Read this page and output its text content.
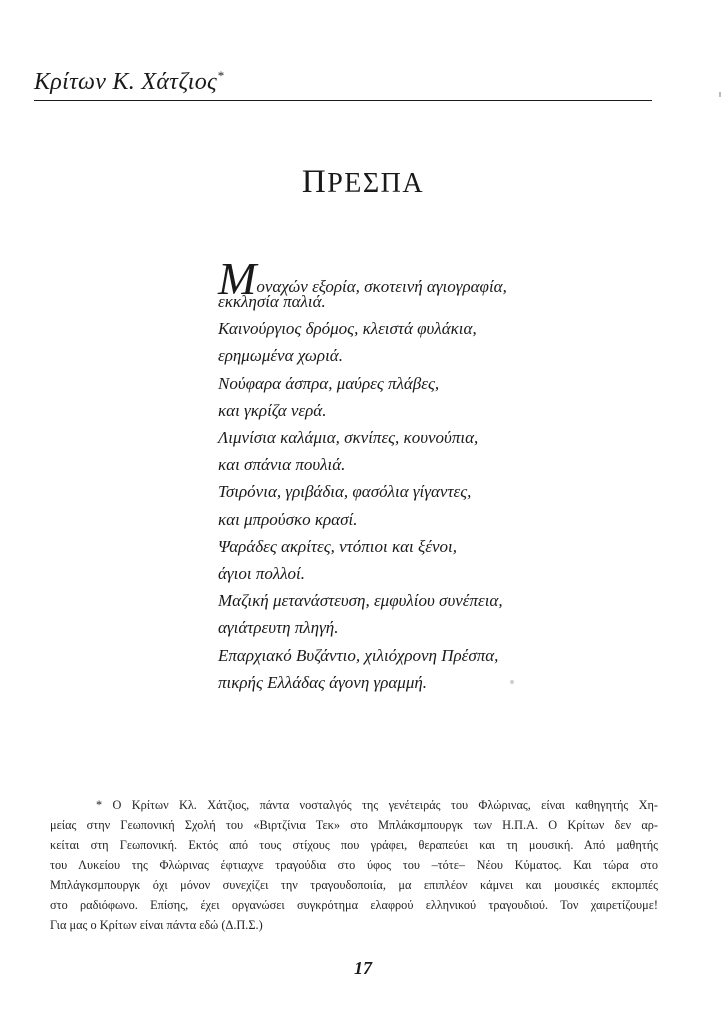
Κρίτων Κ. Χάτζιος*
ΠΡΕΣΠΑ
Μοναχών εξορία, σκοτεινή αγιογραφία,
εκκλησία παλιά.
Καινούργιος δρόμος, κλειστά φυλάκια,
ερημωμένα χωριά.
Νούφαρα άσπρα, μαύρες πλάβες,
και γκρίζα νερά.
Λιμνίσια καλάμια, σκνίπες, κουνούπια,
και σπάνια πουλιά.
Τσιρόνια, γριβάδια, φασόλια γίγαντες,
και μπρούσκο κρασί.
Ψαράδες ακρίτες, ντόπιοι και ξένοι,
άγιοι πολλοί.
Μαζική μετανάστευση, εμφυλίου συνέπεια,
αγιάτρευτη πληγή.
Επαρχιακό Βυζάντιο, χιλιόχρονη Πρέσπα,
πικρής Ελλάδας άγονη γραμμή.
* Ο Κρίτων Κλ. Χάτζιος, πάντα νοσταλγός της γενέτειράς του Φλώρινας, είναι καθηγητής Χη-
μείας στην Γεωπονική Σχολή του «Βιρτζίνια Τεκ» στο Μπλάκσμπουργκ των Η.Π.Α. Ο Κρίτων δεν αρ-
κείται στη Γεωπονική. Εκτός από τους στίχους που γράφει, θεραπεύει και τη μουσική. Από μαθητής
του Λυκείου της Φλώρινας έφτιαχνε τραγούδια στο ύφος του –τότε– Νέου Κύματος. Και τώρα στο
Μπλάγκσμπουργκ όχι μόνον συνεχίζει την τραγουδοποιία, μα επιπλέον κάμνει και μουσικές εκπομπές
στο ραδιόφωνο. Επίσης, έχει οργανώσει συγκρότημα ελαφρού ελληνικού τραγουδιού. Τον χαιρετίζουμε!
Για μας ο Κρίτων είναι πάντα εδώ (Δ.Π.Σ.)
17
